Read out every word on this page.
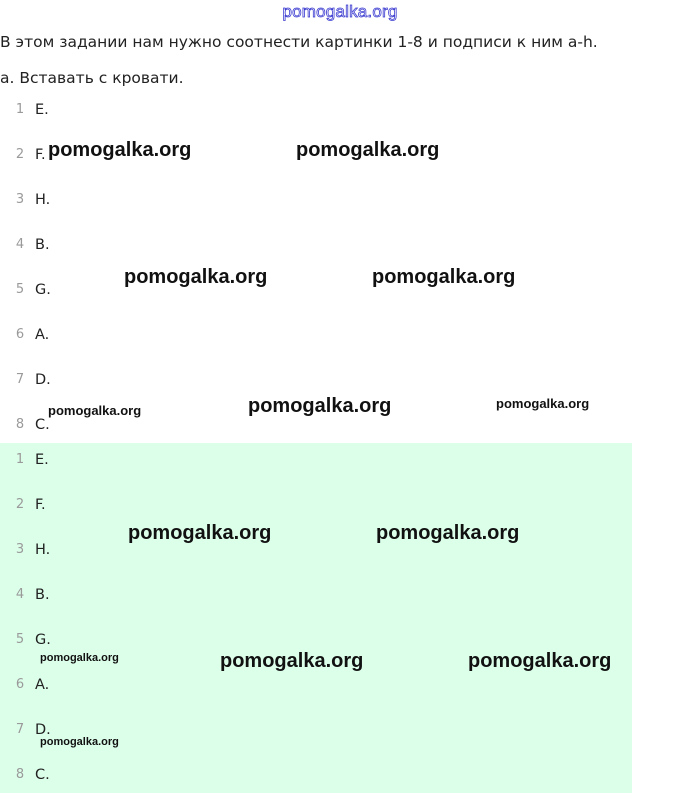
pomogalka.org
В этом задании нам нужно соотнести картинки 1-8 и подписи к ним a-h.
a. Вставать с кровати.
1 E.
2 F.
3 H.
4 B.
5 G.
6 A.
7 D.
8 C.
1 E.
2 F.
3 H.
4 B.
5 G.
6 A.
7 D.
8 C.
pomogalka.org	pomogalka.org
pomogalka.org	pomogalka.org
pomogalka.org	pomogalka.org	pomogalka.org
pomogalka.org	pomogalka.org
pomogalka.org	pomogalka.org	pomogalka.org
pomogalka.org
